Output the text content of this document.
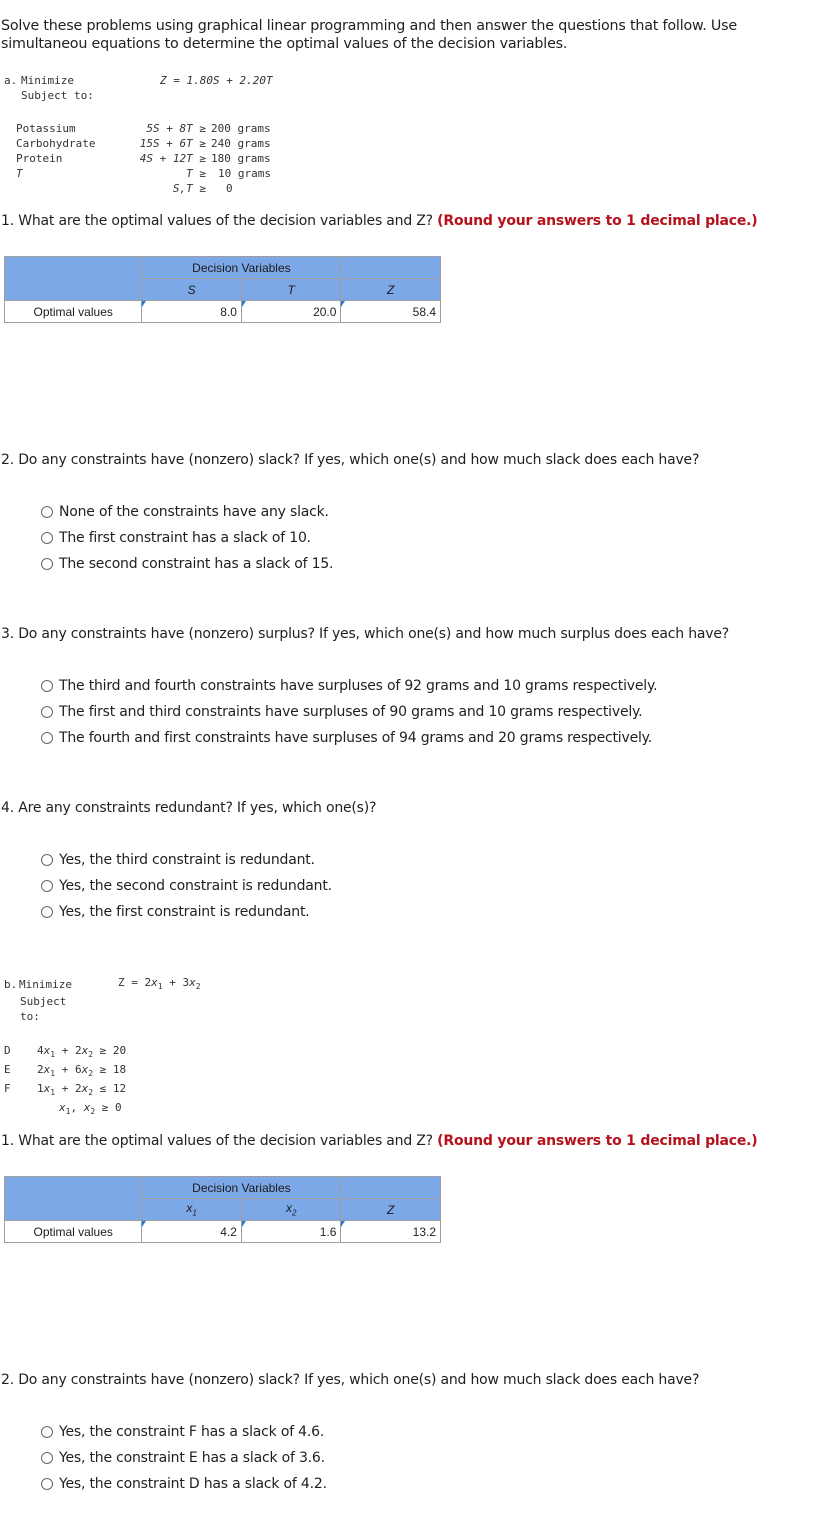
Solve these problems using graphical linear programming and then answer the questions that follow. Use simultaneou equations to determine the optimal values of the decision variables.
a. Minimize	Z = 1.80S + 2.20T
Subject to:
Potassium	5S + 8T ≥ 200 grams
Carbohydrate	15S + 6T ≥ 240 grams
Protein	4S + 12T ≥ 180 grams
T	T ≥ 10 grams
S,T ≥ 0
1. What are the optimal values of the decision variables and Z? (Round your answers to 1 decimal place.)
	Decision Variables		
	S	T	Z
Optimal values	8.0	20.0	58.4
2. Do any constraints have (nonzero) slack? If yes, which one(s) and how much slack does each have?
None of the constraints have any slack.
The first constraint has a slack of 10.
The second constraint has a slack of 15.
3. Do any constraints have (nonzero) surplus? If yes, which one(s) and how much surplus does each have?
The third and fourth constraints have surpluses of 92 grams and 10 grams respectively.
The first and third constraints have surpluses of 90 grams and 10 grams respectively.
The fourth and first constraints have surpluses of 94 grams and 20 grams respectively.
4. Are any constraints redundant? If yes, which one(s)?
Yes, the third constraint is redundant.
Yes, the second constraint is redundant.
Yes, the first constraint is redundant.
b. Minimize	$Z = 2x_1 + 3x_2$
Subject
to:
D $4x_1 + 2x_2 \ge 20$
E $2x_1 + 6x_2 \ge 18$
F $1x_1 + 2x_2 \le 12$
$x_1$, $x_2 \ge 0$
1. What are the optimal values of the decision variables and Z? (Round your answers to 1 decimal place.)
	Decision Variables		
	$x_1$	$x_2$	Z
Optimal values	4.2	1.6	13.2
2. Do any constraints have (nonzero) slack? If yes, which one(s) and how much slack does each have?
Yes, the constraint F has a slack of 4.6.
Yes, the constraint E has a slack of 3.6.
Yes, the constraint D has a slack of 4.2.
